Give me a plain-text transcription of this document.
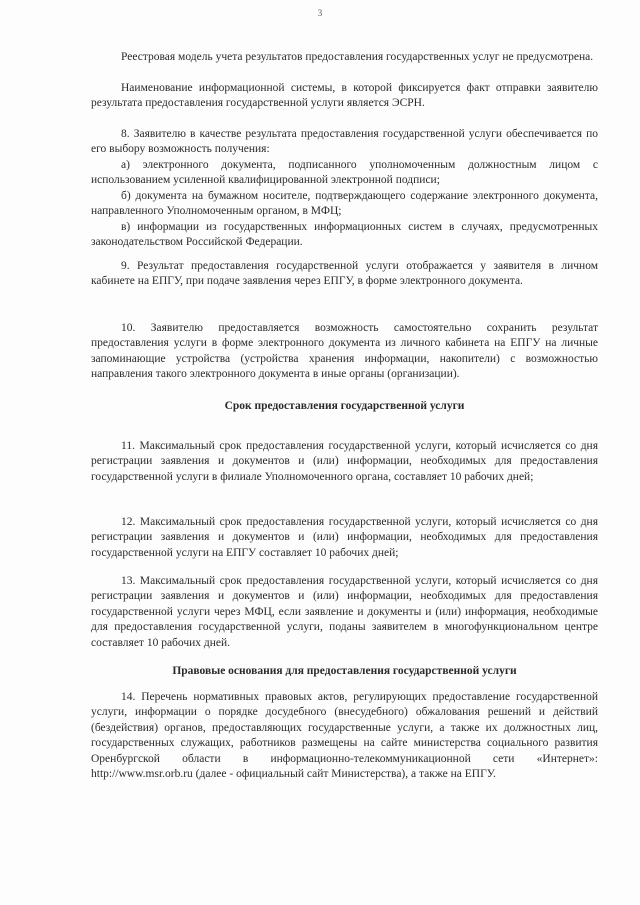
3
Реестровая модель учета результатов предоставления государственных услуг не предусмотрена.
Наименование информационной системы, в которой фиксируется факт отправки заявителю результата предоставления государственной услуги является ЭСРН.
8. Заявителю в качестве результата предоставления государственной услуги обеспечивается по его выбору возможность получения:
а) электронного документа, подписанного уполномоченным должностным лицом с использованием усиленной квалифицированной электронной подписи;
б) документа на бумажном носителе, подтверждающего содержание электронного документа, направленного Уполномоченным органом, в МФЦ;
в) информации из государственных информационных систем в случаях, предусмотренных законодательством Российской Федерации.
9. Результат предоставления государственной услуги отображается у заявителя в личном кабинете на ЕПГУ, при подаче заявления через ЕПГУ, в форме электронного документа.
10. Заявителю предоставляется возможность самостоятельно сохранить результат предоставления услуги в форме электронного документа из личного кабинета на ЕПГУ на личные запоминающие устройства (устройства хранения информации, накопители) с возможностью направления такого электронного документа в иные органы (организации).
Срок предоставления государственной услуги
11. Максимальный срок предоставления государственной услуги, который исчисляется со дня регистрации заявления и документов и (или) информации, необходимых для предоставления государственной услуги в филиале Уполномоченного органа, составляет 10 рабочих дней;
12. Максимальный срок предоставления государственной услуги, который исчисляется со дня регистрации заявления и документов и (или) информации, необходимых для предоставления государственной услуги на ЕПГУ составляет 10 рабочих дней;
13. Максимальный срок предоставления государственной услуги, который исчисляется со дня регистрации заявления и документов и (или) информации, необходимых для предоставления государственной услуги через МФЦ, если заявление и документы и (или) информация, необходимые для предоставления государственной услуги, поданы заявителем в многофункциональном центре составляет 10 рабочих дней.
Правовые основания для предоставления государственной услуги
14. Перечень нормативных правовых актов, регулирующих предоставление государственной услуги, информации о порядке досудебного (внесудебного) обжалования решений и действий (бездействия) органов, предоставляющих государственные услуги, а также их должностных лиц, государственных служащих, работников размещены на сайте министерства социального развития Оренбургской области в информационно-телекоммуникационной сети «Интернет»: http://www.msr.orb.ru (далее - официальный сайт Министерства), а также на ЕПГУ.
